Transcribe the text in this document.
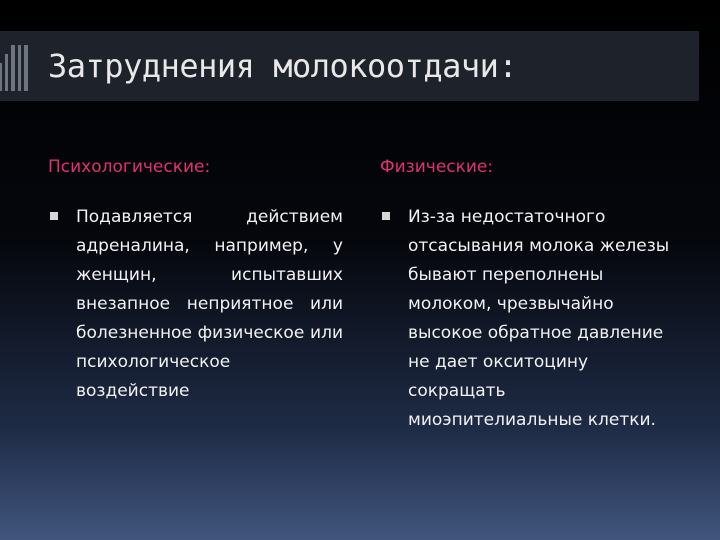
Затруднения молокоотдачи:
Психологические:
Подавляется действием адреналина, например, у женщин, испытавших внезапное неприятное или болезненное физическое или психологическое воздействие
Физические:
Из-за недостаточного отсасывания молока железы бывают переполнены молоком, чрезвычайно высокое обратное давление не дает окситоцину сокращать миоэпителиальные клетки.
